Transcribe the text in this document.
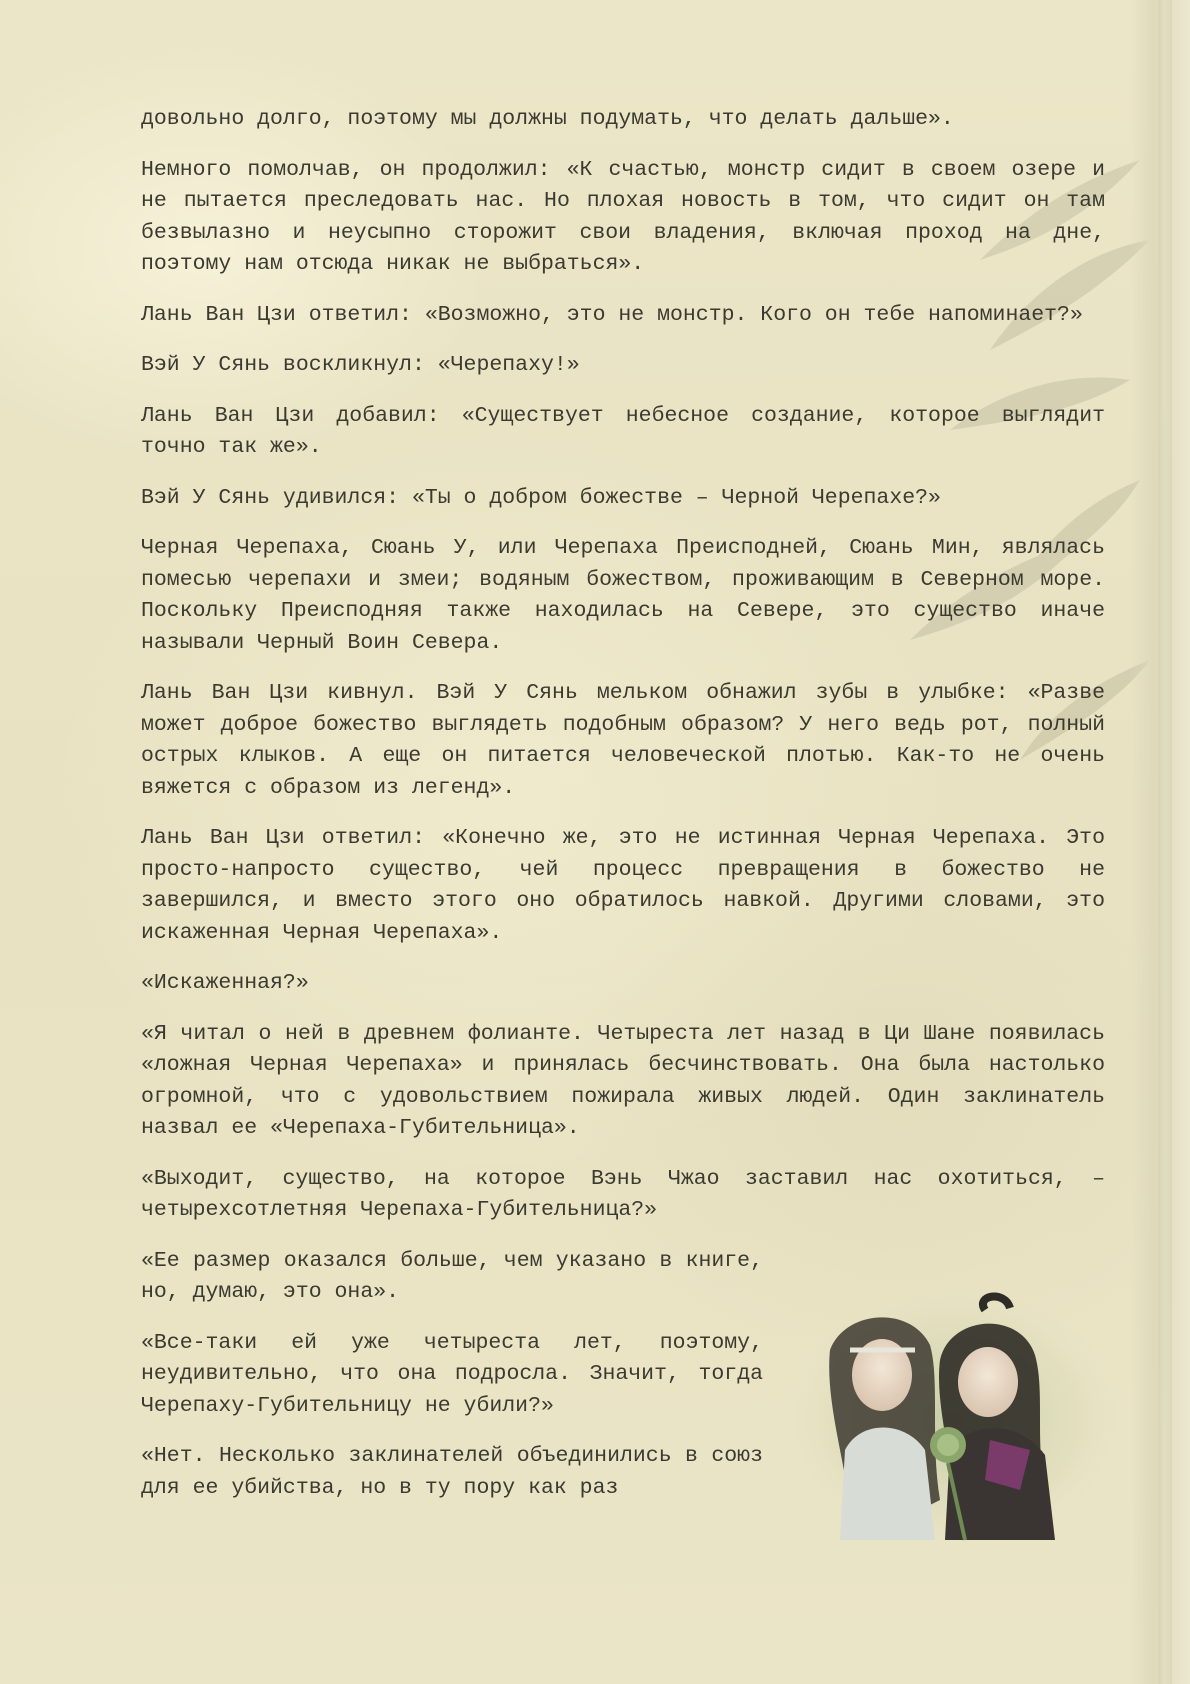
довольно долго, поэтому мы должны подумать, что делать дальше».

Немного помолчав, он продолжил: «К счастью, монстр сидит в своем озере и не пытается преследовать нас. Но плохая новость в том, что сидит он там безвылазно и неусыпно сторожит свои владения, включая проход на дне, поэтому нам отсюда никак не выбраться».

Лань Ван Цзи ответил: «Возможно, это не монстр. Кого он тебе напоминает?»

Вэй У Сянь воскликнул: «Черепаху!»

Лань Ван Цзи добавил: «Существует небесное создание, которое выглядит точно так же».

Вэй У Сянь удивился: «Ты о добром божестве – Черной Черепахе?»

Черная Черепаха, Сюань У, или Черепаха Преисподней, Сюань Мин, являлась помесью черепахи и змеи; водяным божеством, проживающим в Северном море. Поскольку Преисподняя также находилась на Севере, это существо иначе называли Черный Воин Севера.

Лань Ван Цзи кивнул. Вэй У Сянь мельком обнажил зубы в улыбке: «Разве может доброе божество выглядеть подобным образом? У него ведь рот, полный острых клыков. А еще он питается человеческой плотью. Как-то не очень вяжется с образом из легенд».

Лань Ван Цзи ответил: «Конечно же, это не истинная Черная Черепаха. Это просто-напросто существо, чей процесс превращения в божество не завершился, и вместо этого оно обратилось навкой. Другими словами, это искаженная Черная Черепаха».

«Искаженная?»

«Я читал о ней в древнем фолианте. Четыреста лет назад в Ци Шане появилась «ложная Черная Черепаха» и принялась бесчинствовать. Она была настолько огромной, что с удовольствием пожирала живых людей. Один заклинатель назвал ее «Черепаха-Губительница».

«Выходит, существо, на которое Вэнь Чжао заставил нас охотиться, – четырехсотлетняя Черепаха-Губительница?»

«Ее размер оказался больше, чем указано в книге, но, думаю, это она».

«Все-таки ей уже четыреста лет, поэтому, неудивительно, что она подросла. Значит, тогда Черепаху-Губительницу не убили?»

«Нет. Несколько заклинателей объединились в союз для ее убийства, но в ту пору как раз
